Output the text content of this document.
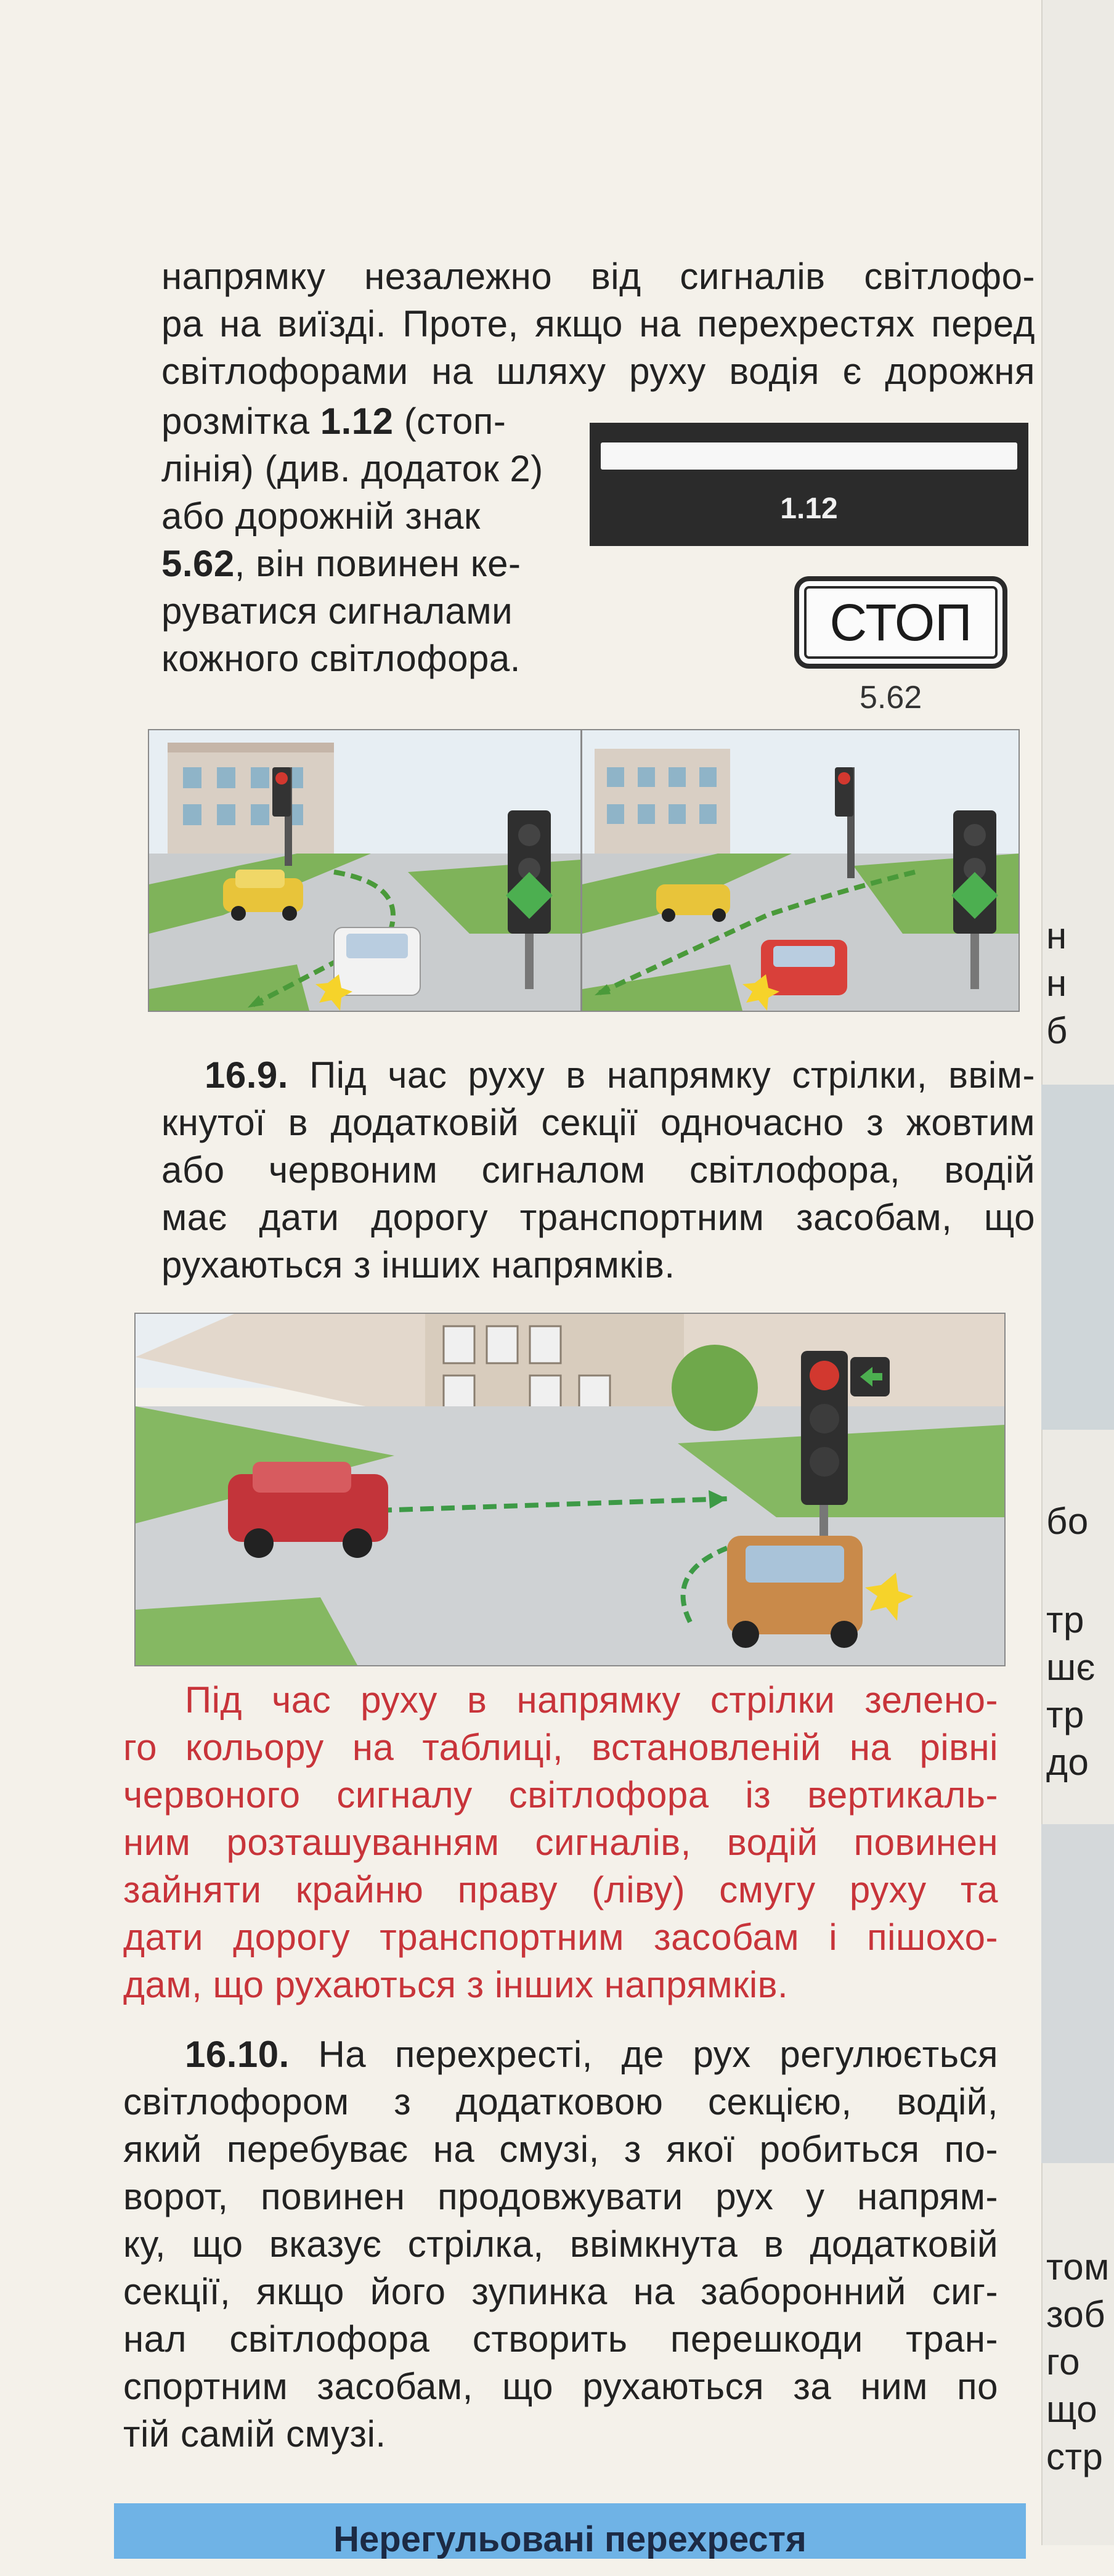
напрямку незалежно від сигналів світлофо-
ра на виїзді. Проте, якщо на перехрестях перед
світлофорами на шляху руху водія є дорожня
розмітка 1.12 (стоп-
лінія) (див. додаток 2)
або дорожній знак
5.62, він повинен ке-
руватися сигналами
кожного світлофора.
1.12
СТОП
5.62
16.9. Під час руху в напрямку стрілки, ввім-
кнутої в додатковій секції одночасно з жовтим
або червоним сигналом світлофора, водій
має дати дорогу транспортним засобам, що
рухаються з інших напрямків.
Під час руху в напрямку стрілки зелено-
го кольору на таблиці, встановленій на рівні
червоного сигналу світлофора із вертикаль-
ним розташуванням сигналів, водій повинен
зайняти крайню праву (ліву) смугу руху та
дати дорогу транспортним засобам і пішохо-
дам, що рухаються з інших напрямків.
16.10. На перехресті, де рух регулюється
світлофором з додатковою секцією, водій,
який перебуває на смузі, з якої робиться по-
ворот, повинен продовжувати рух у напрям-
ку, що вказує стрілка, ввімкнута в додатковій
секції, якщо його зупинка на заборонний сиг-
нал світлофора створить перешкоди тран-
спортним засобам, що рухаються за ним по
тій самій смузі.
Нерегульовані перехрестя
н
н
б
бо
тр
шє
тр
до
том
зоб
го
що
стр
